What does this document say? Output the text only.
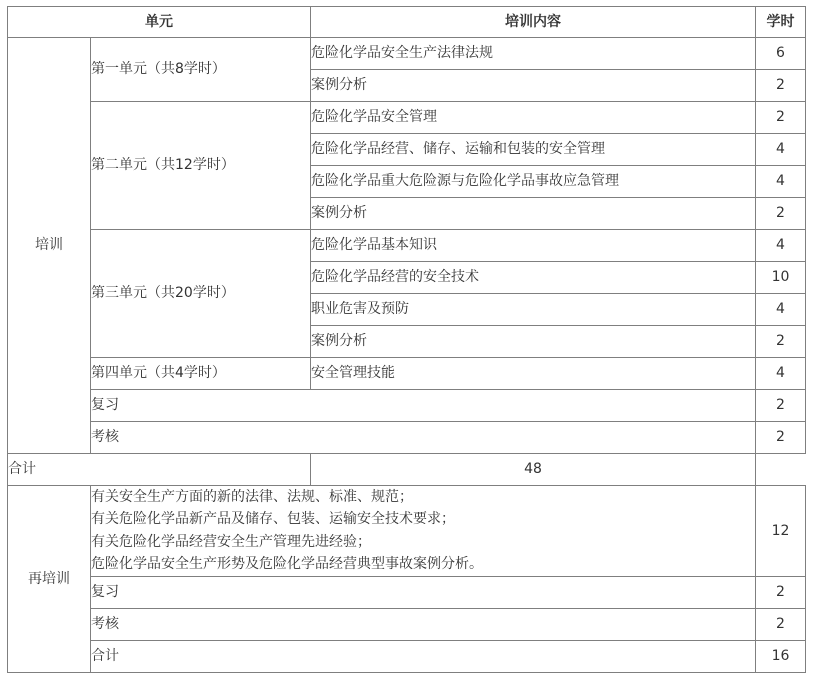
单元		培训内容	学时
培训	第一单元（共8学时）	危险化学品安全生产法律法规	6
		案例分析	2
	第二单元（共12学时）	危险化学品安全管理	2
		危险化学品经营、储存、运输和包装的安全管理	4
		危险化学品重大危险源与危险化学品事故应急管理	4
		案例分析	2
	第三单元（共20学时）	危险化学品基本知识	4
		危险化学品经营的安全技术	10
		职业危害及预防	4
		案例分析	2
	第四单元（共4学时）	安全管理技能	4
	复习		2
	考核		2
合计		48	
再培训	有关安全生产方面的新的法律、法规、标准、规范；
有关危险化学品新产品及储存、包装、运输安全技术要求；
有关危险化学品经营安全生产管理先进经验；
危险化学品安全生产形势及危险化学品经营典型事故案例分析。		12
	复习		2
	考核		2
	合计		16
